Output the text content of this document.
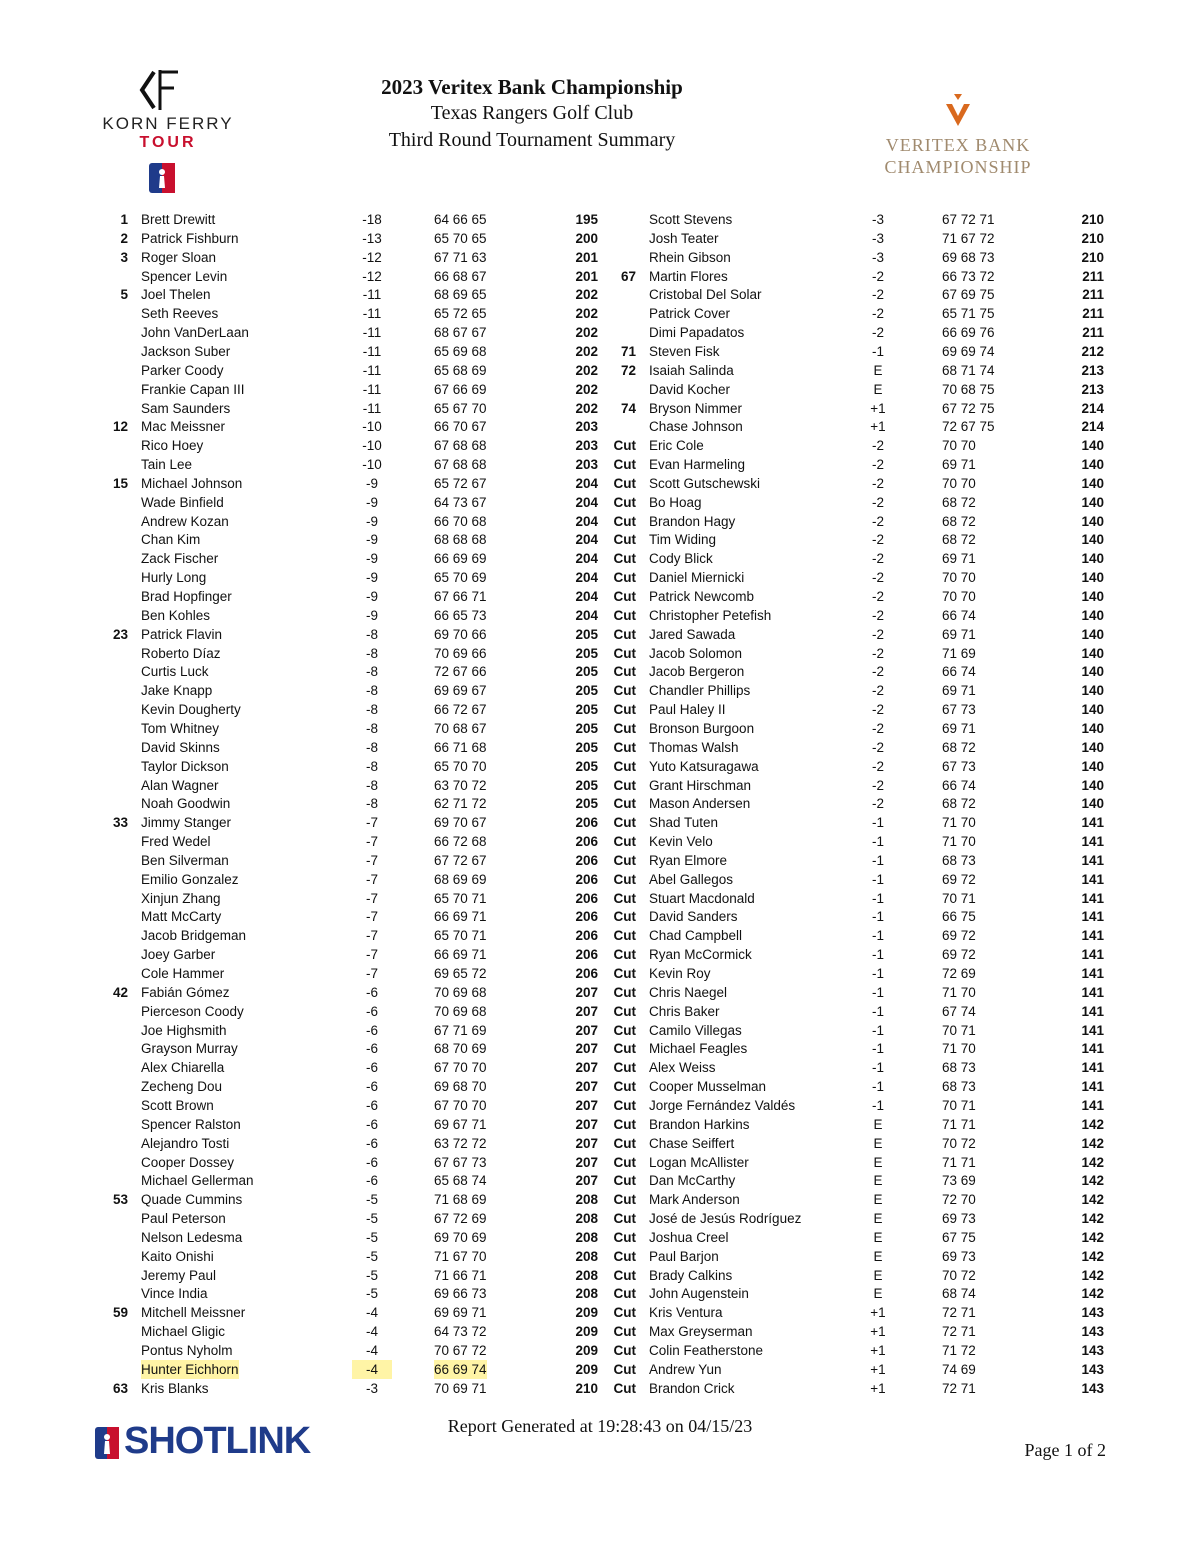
KORN FERRY
TOUR
2023 Veritex Bank Championship
Texas Rangers Golf Club
Third Round Tournament Summary	VERITEX BANK
CHAMPIONSHIP
1 Brett Drewitt	-18	64 66 65	195
2 Patrick Fishburn	-13	65 70 65	200
3 Roger Sloan	-12	67 71 63	201
Spencer Levin	-12	66 68 67	201
5 Joel Thelen	-11	68 69 65	202
Seth Reeves	-11	65 72 65	202
John VanDerLaan	-11	68 67 67	202
Jackson Suber	-11	65 69 68	202
Parker Coody	-11	65 68 69	202
Frankie Capan III	-11	67 66 69	202
Sam Saunders	-11	65 67 70	202
12 Mac Meissner	-10	66 70 67	203
Rico Hoey	-10	67 68 68	203
Tain Lee	-10	67 68 68	203
15 Michael Johnson	-9	65 72 67	204
Wade Binfield	-9	64 73 67	204
Andrew Kozan	-9	66 70 68	204
Chan Kim	-9	68 68 68	204
Zack Fischer	-9	66 69 69	204
Hurly Long	-9	65 70 69	204
Brad Hopfinger	-9	67 66 71	204
Ben Kohles	-9	66 65 73	204
23 Patrick Flavin	-8	69 70 66	205
Roberto Díaz	-8	70 69 66	205
Curtis Luck	-8	72 67 66	205
Jake Knapp	-8	69 69 67	205
Kevin Dougherty	-8	66 72 67	205
Tom Whitney	-8	70 68 67	205
David Skinns	-8	66 71 68	205
Taylor Dickson	-8	65 70 70	205
Alan Wagner	-8	63 70 72	205
Noah Goodwin	-8	62 71 72	205
33 Jimmy Stanger	-7	69 70 67	206
Fred Wedel	-7	66 72 68	206
Ben Silverman	-7	67 72 67	206
Emilio Gonzalez	-7	68 69 69	206
Xinjun Zhang	-7	65 70 71	206
Matt McCarty	-7	66 69 71	206
Jacob Bridgeman	-7	65 70 71	206
Joey Garber	-7	66 69 71	206
Cole Hammer	-7	69 65 72	206
42 Fabián Gómez	-6	70 69 68	207
Pierceson Coody	-6	70 69 68	207
Joe Highsmith	-6	67 71 69	207
Grayson Murray	-6	68 70 69	207
Alex Chiarella	-6	67 70 70	207
Zecheng Dou	-6	69 68 70	207
Scott Brown	-6	67 70 70	207
Spencer Ralston	-6	69 67 71	207
Alejandro Tosti	-6	63 72 72	207
Cooper Dossey	-6	67 67 73	207
Michael Gellerman	-6	65 68 74	207
53 Quade Cummins	-5	71 68 69	208
Paul Peterson	-5	67 72 69	208
Nelson Ledesma	-5	69 70 69	208
Kaito Onishi	-5	71 67 70	208
Jeremy Paul	-5	71 66 71	208
Vince India	-5	69 66 73	208
59 Mitchell Meissner	-4	69 69 71	209
Michael Gligic	-4	64 73 72	209
Pontus Nyholm	-4	70 67 72	209
Hunter Eichhorn	-4	66 69 74	209
63 Kris Blanks	-3	70 69 71	210
Scott Stevens	-3	67 72 71	210
Josh Teater	-3	71 67 72	210
Rhein Gibson	-3	69 68 73	210
67 Martin Flores	-2	66 73 72	211
Cristobal Del Solar	-2	67 69 75	211
Patrick Cover	-2	65 71 75	211
Dimi Papadatos	-2	66 69 76	211
71 Steven Fisk	-1	69 69 74	212
72 Isaiah Salinda	E	68 71 74	213
David Kocher	E	70 68 75	213
74 Bryson Nimmer	+1	67 72 75	214
Chase Johnson	+1	72 67 75	214
Cut Eric Cole	-2	70 70	140
Cut Evan Harmeling	-2	69 71	140
Cut Scott Gutschewski	-2	70 70	140
Cut Bo Hoag	-2	68 72	140
Cut Brandon Hagy	-2	68 72	140
Cut Tim Widing	-2	68 72	140
Cut Cody Blick	-2	69 71	140
Cut Daniel Miernicki	-2	70 70	140
Cut Patrick Newcomb	-2	70 70	140
Cut Christopher Petefish	-2	66 74	140
Cut Jared Sawada	-2	69 71	140
Cut Jacob Solomon	-2	71 69	140
Cut Jacob Bergeron	-2	66 74	140
Cut Chandler Phillips	-2	69 71	140
Cut Paul Haley II	-2	67 73	140
Cut Bronson Burgoon	-2	69 71	140
Cut Thomas Walsh	-2	68 72	140
Cut Yuto Katsuragawa	-2	67 73	140
Cut Grant Hirschman	-2	66 74	140
Cut Mason Andersen	-2	68 72	140
Cut Shad Tuten	-1	71 70	141
Cut Kevin Velo	-1	71 70	141
Cut Ryan Elmore	-1	68 73	141
Cut Abel Gallegos	-1	69 72	141
Cut Stuart Macdonald	-1	70 71	141
Cut David Sanders	-1	66 75	141
Cut Chad Campbell	-1	69 72	141
Cut Ryan McCormick	-1	69 72	141
Cut Kevin Roy	-1	72 69	141
Cut Chris Naegel	-1	71 70	141
Cut Chris Baker	-1	67 74	141
Cut Camilo Villegas	-1	70 71	141
Cut Michael Feagles	-1	71 70	141
Cut Alex Weiss	-1	68 73	141
Cut Cooper Musselman	-1	68 73	141
Cut Jorge Fernández Valdés	-1	70 71	141
Cut Brandon Harkins	E	71 71	142
Cut Chase Seiffert	E	70 72	142
Cut Logan McAllister	E	71 71	142
Cut Dan McCarthy	E	73 69	142
Cut Mark Anderson	E	72 70	142
Cut José de Jesús Rodríguez	E	69 73	142
Cut Joshua Creel	E	67 75	142
Cut Paul Barjon	E	69 73	142
Cut Brady Calkins	E	70 72	142
Cut John Augenstein	E	68 74	142
Cut Kris Ventura	+1	72 71	143
Cut Max Greyserman	+1	72 71	143
Cut Colin Featherstone	+1	71 72	143
Cut Andrew Yun	+1	74 69	143
Cut Brandon Crick	+1	72 71	143
SHOTLINK	Report Generated at 19:28:43 on 04/15/23
Page 1 of 2
